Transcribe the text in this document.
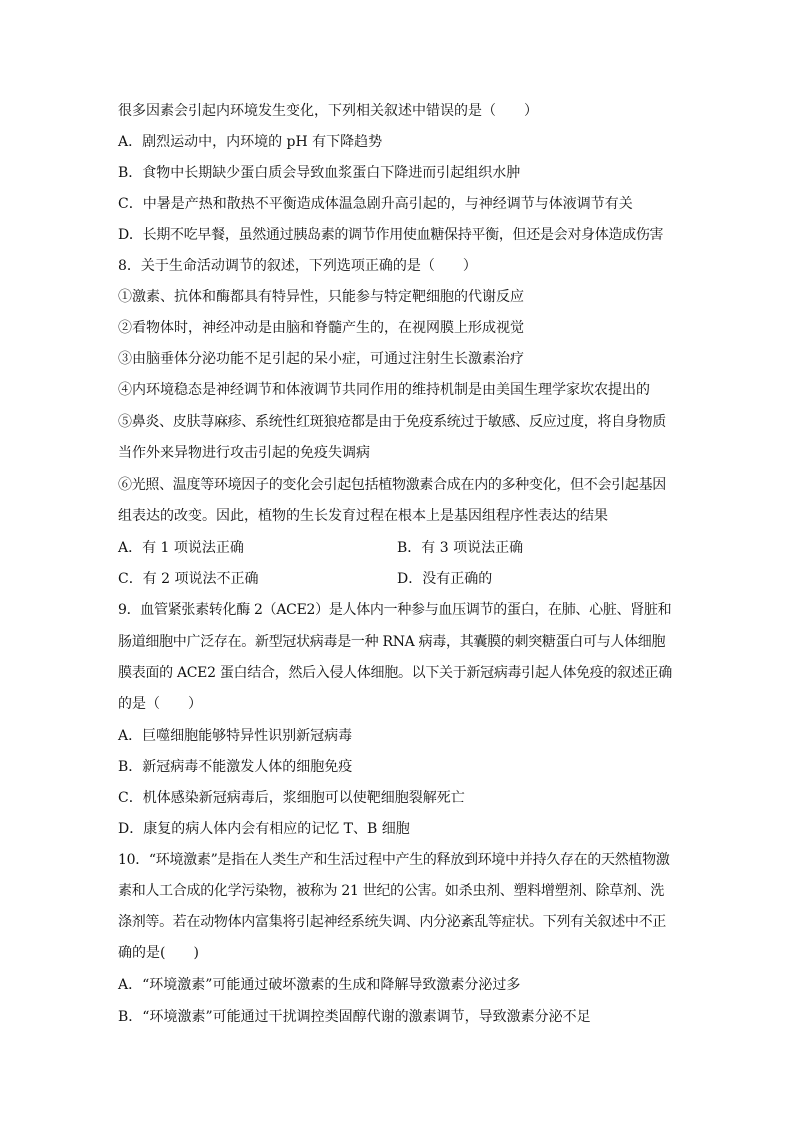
很多因素会引起内环境发生变化，下列相关叙述中错误的是（　　）
A．剧烈运动中，内环境的 pH 有下降趋势
B．食物中长期缺少蛋白质会导致血浆蛋白下降进而引起组织水肿
C．中暑是产热和散热不平衡造成体温急剧升高引起的，与神经调节与体液调节有关
D．长期不吃早餐，虽然通过胰岛素的调节作用使血糖保持平衡，但还是会对身体造成伤害
8．关于生命活动调节的叙述，下列选项正确的是（　　）
①激素、抗体和酶都具有特异性，只能参与特定靶细胞的代谢反应
②看物体时，神经冲动是由脑和脊髓产生的，在视网膜上形成视觉
③由脑垂体分泌功能不足引起的呆小症，可通过注射生长激素治疗
④内环境稳态是神经调节和体液调节共同作用的维持机制是由美国生理学家坎农提出的
⑤鼻炎、皮肤荨麻疹、系统性红斑狼疮都是由于免疫系统过于敏感、反应过度，将自身物质
当作外来异物进行攻击引起的免疫失调病
⑥光照、温度等环境因子的变化会引起包括植物激素合成在内的多种变化，但不会引起基因
组表达的改变。因此，植物的生长发育过程在根本上是基因组程序性表达的结果
A．有 1 项说法正确	B．有 3 项说法正确
C．有 2 项说法不正确	D．没有正确的
9．血管紧张素转化酶 2（ACE2）是人体内一种参与血压调节的蛋白，在肺、心脏、肾脏和
肠道细胞中广泛存在。新型冠状病毒是一种 RNA 病毒，其囊膜的刺突糖蛋白可与人体细胞
膜表面的 ACE2 蛋白结合，然后入侵人体细胞。以下关于新冠病毒引起人体免疫的叙述正确
的是（　　）
A．巨噬细胞能够特异性识别新冠病毒
B．新冠病毒不能激发人体的细胞免疫
C．机体感染新冠病毒后，浆细胞可以使靶细胞裂解死亡
D．康复的病人体内会有相应的记忆 T、B 细胞
10．“环境激素”是指在人类生产和生活过程中产生的释放到环境中并持久存在的天然植物激
素和人工合成的化学污染物，被称为 21 世纪的公害。如杀虫剂、塑料增塑剂、除草剂、洗
涤剂等。若在动物体内富集将引起神经系统失调、内分泌紊乱等症状。下列有关叙述中不正
确的是(　　)
A．“环境激素”可能通过破坏激素的生成和降解导致激素分泌过多
B．“环境激素”可能通过干扰调控类固醇代谢的激素调节，导致激素分泌不足
